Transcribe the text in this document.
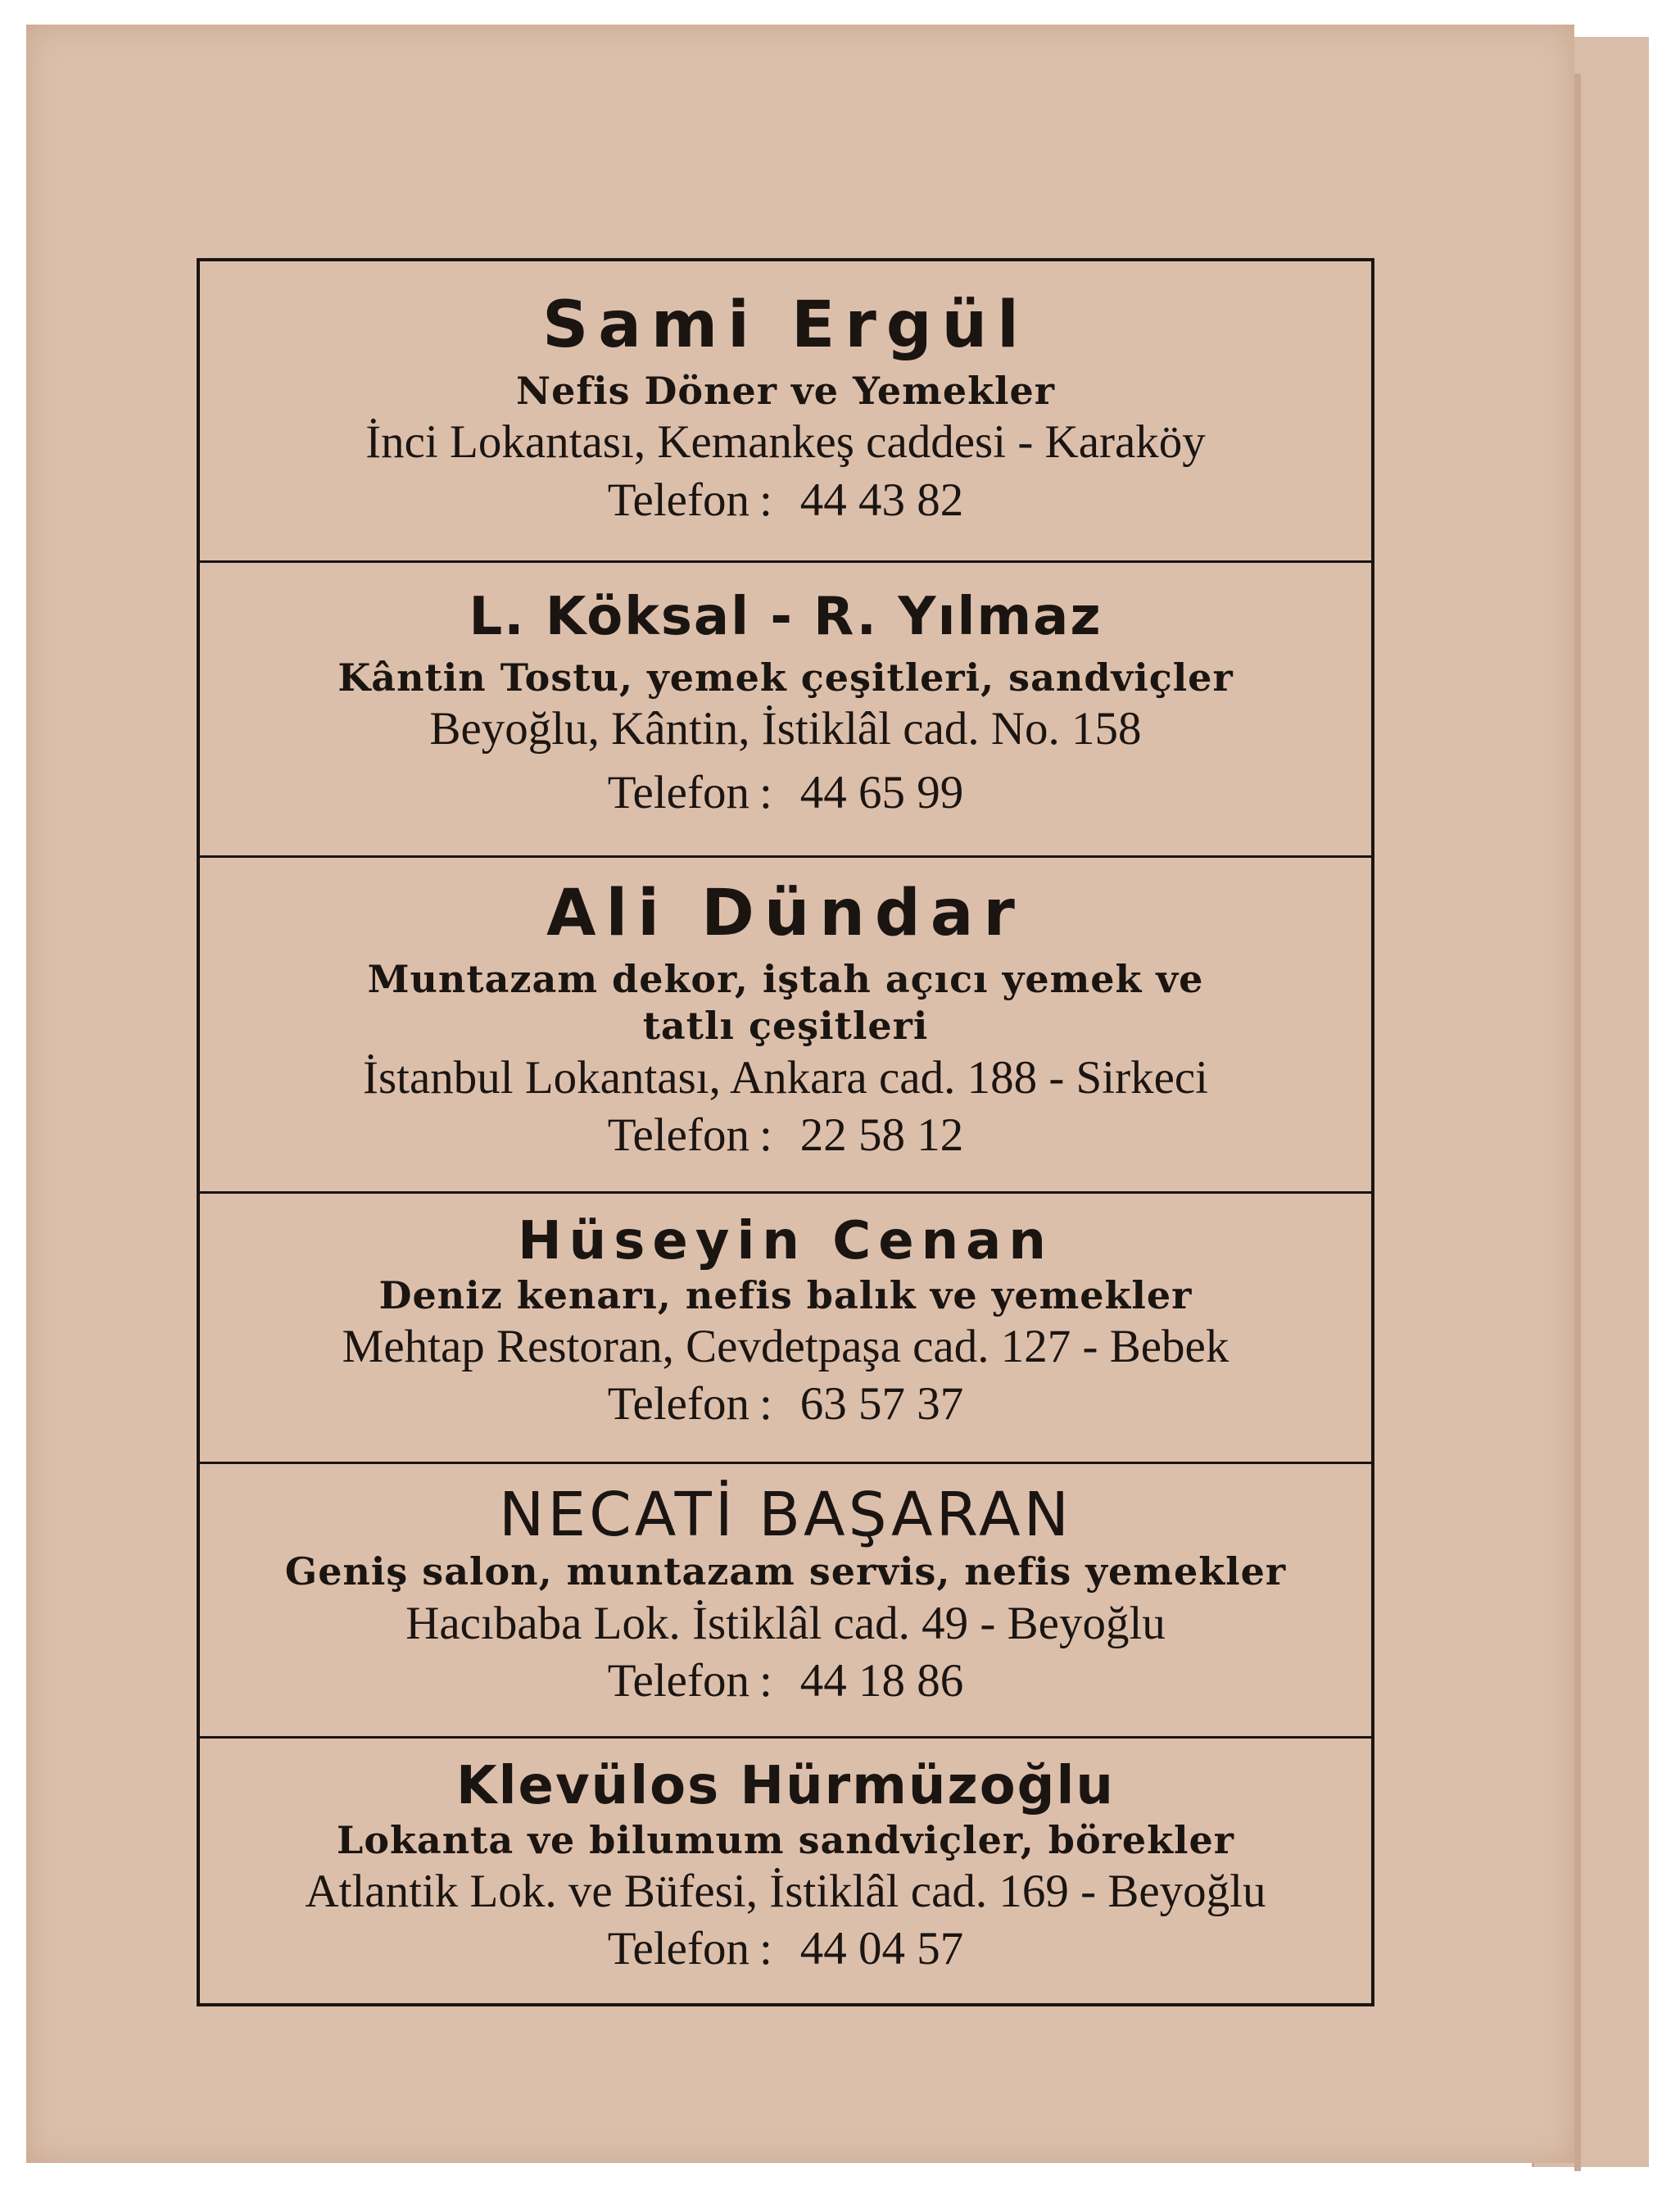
Sami Ergül
Nefis Döner ve Yemekler
İnci Lokantası, Kemankeş caddesi - Karaköy
Telefon : 44 43 82
L. Köksal - R. Yılmaz
Kântin Tostu, yemek çeşitleri, sandviçler
Beyoğlu, Kântin, İstiklâl cad. No. 158
Telefon : 44 65 99
Ali Dündar
Muntazam dekor, iştah açıcı yemek ve
tatlı çeşitleri
İstanbul Lokantası, Ankara cad. 188 - Sirkeci
Telefon : 22 58 12
Hüseyin Cenan
Deniz kenarı, nefis balık ve yemekler
Mehtap Restoran, Cevdetpaşa cad. 127 - Bebek
Telefon : 63 57 37
NECATİ BAŞARAN
Geniş salon, muntazam servis, nefis yemekler
Hacıbaba Lok. İstiklâl cad. 49 - Beyoğlu
Telefon : 44 18 86
Klevülos Hürmüzoğlu
Lokanta ve bilumum sandviçler, börekler
Atlantik Lok. ve Büfesi, İstiklâl cad. 169 - Beyoğlu
Telefon : 44 04 57
